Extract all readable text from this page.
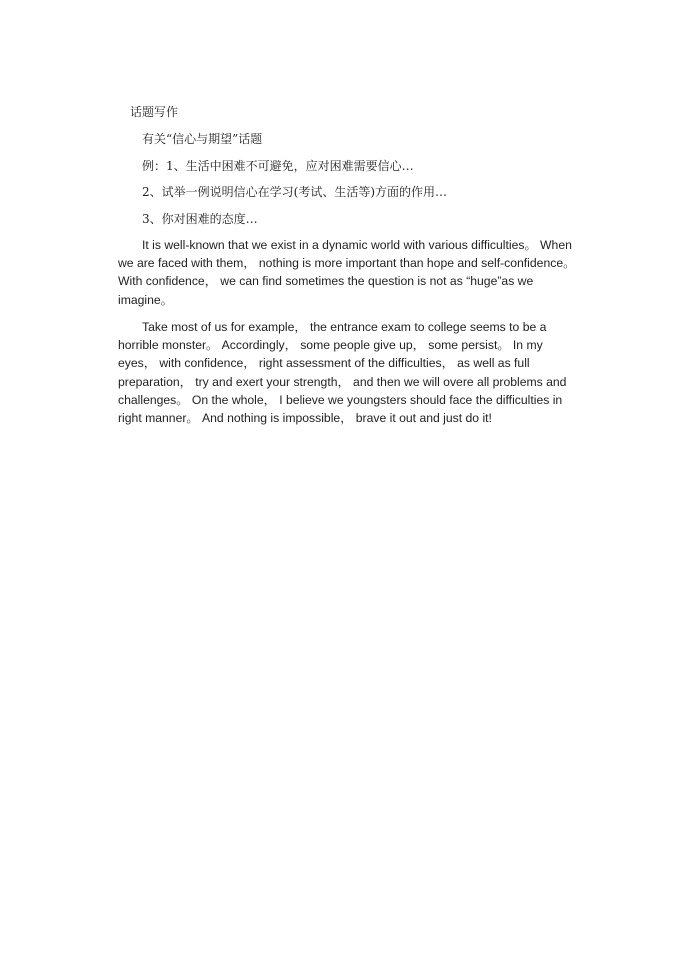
话题写作

有关“信心与期望”话题

例：1、生活中困难不可避免，应对困难需要信心…

2、试举一例说明信心在学习(考试、生活等)方面的作用…

3、你对困难的态度…

It is well-known that we exist in a dynamic world with various difficulties。 When we are faced with them， nothing is more important than hope and self-confidence。 With confidence， we can find sometimes the question is not as “huge”as we imagine。

Take most of us for example， the entrance exam to college seems to be a horrible monster。 Accordingly， some people give up， some persist。 In my eyes， with confidence， right assessment of the difficulties， as well as full preparation， try and exert your strength， and then we will overe all problems and challenges。 On the whole， I believe we youngsters should face the difficulties in right manner。 And nothing is impossible， brave it out and just do it!
